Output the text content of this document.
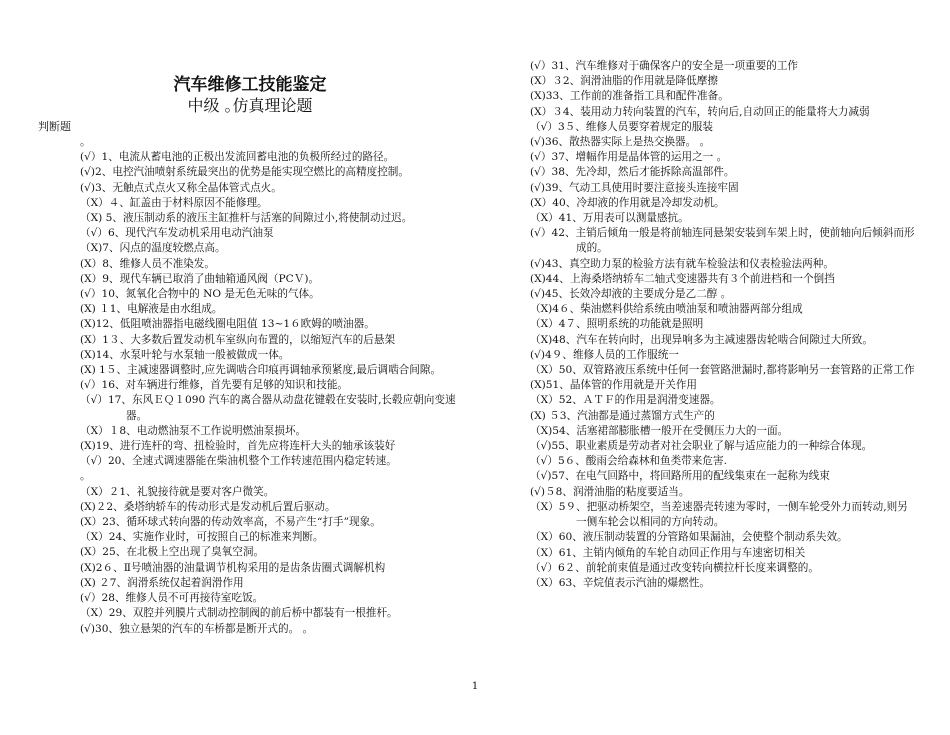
汽车维修工技能鉴定
中级 ｡仿真理论题
判断题

。

(√）1、电流从蓄电池的正极出发流回蓄电池的负极所经过的路径。

(√)2、电控汽油喷射系统最突出的优势是能实现空燃比的高精度控制。

(√)3、无触点式点火又称全晶体管式点火。

（X）４、缸盖由于材料原因不能修理。

（X) 5、液压制动系的液压主缸推杆与活塞的间隙过小,将使制动过迟。

（√）6、现代汽车发动机采用电动汽油泵

（X)7、闪点的温度较燃点高。

(X）8、维修人员不准染发。

(X）9、现代车辆已取消了曲轴箱通风阀（PCＶ)。

(√）10、氮氧化合物中的 NO 是无色无味的气体。

(X) １1、电解液是由水组成。

(X)12、低阻喷油器指电磁线圈电阻值 13~1６欧姆的喷油器。

(X）1３、大多数后置发动机车室纵向布置的，以缩短汽车的后悬架

(X)14、水泵叶轮与水泵轴一般被做成一体。

(X) 1５、主减速器调整时,应先调啮合印痕再调轴承预紧度,最后调啮合间隙。

(√）16、对车辆进行维修，首先要有足够的知识和技能。

（√）17、东风ＥＱ１090 汽车的离合器从动盘花键毂在安装时,长毂应朝向变速器。

（X）１8、电动燃油泵不工作说明燃油泵损坏。

(X)19、进行连杆的弯、扭检验时，首先应将连杆大头的轴承该装好

（√）20、全速式调速器能在柴油机整个工作转速范围内稳定转速。

。

（X）２1、礼貌接待就是要对客户微笑。

(X)２2、桑塔纳轿车的传动形式是发动机后置后驱动。

(X）23、循环球式转向器的传动效率高，不易产生“打手”现象。

（X）24、实施作业时，可按照自己的标准来判断。

(X）25、在北极上空出现了臭氧空洞。

(X)2６、Ⅱ号喷油器的油量调节机构采用的是齿条齿圈式调解机构

(X) ２7、润滑系统仅起着润滑作用

(√）28、维修人员不可再接待室吃饭。

（X）29、双腔并列膜片式制动控制阀的前后桥中都装有一根推杆。

(√)30、独立悬架的汽车的车桥都是断开式的。 。

(√）31、汽车维修对于确保客户的安全是一项重要的工作

(X）３2、润滑油脂的作用就是降低摩擦

(X)33、工作前的准备指工具和配件准备。

(X）３4、装用动力转向装置的汽车，转向后,自动回正的能量将大力减弱

（√）3５、维修人员要穿着规定的服装

(√)36、散热器实际上是热交换器。 。

(√）37、增幅作用是晶体管的运用之一 。

(√）38、先冷却，然后才能拆除高温部件。

(√)39、气动工具使用时要注意接头连接牢固

(X）40、冷却液的作用就是冷却发动机。

（X）41、万用表可以测量感抗。

(√）42、主销后倾角一般是将前轴连同悬架安装到车架上时，使前轴向后倾斜而形成的。

(√)43、真空助力泵的检验方法有就车检验法和仪表检验法两种。

(X)44、上海桑塔纳轿车二轴式变速器共有３个前进档和一个倒挡

(√)45、长效冷却液的主要成分是乙二醇 。

（X)4６、柴油燃料供给系统由喷油泵和喷油器两部分组成

（X）4７、照明系统的功能就是照明

（X)48、汽车在转向时，出现异响多为主减速器齿轮啮合间隙过大所致。

(√)4９、维修人员的工作服统一

（X）50、双管路液压系统中任何一套管路泄漏时,都将影响另一套管路的正常工作

(X)51、晶体管的作用就是开关作用

（X）52、ＡＴＦ的作用是润滑变速器。

(X) ５3、汽油都是通过蒸馏方式生产的

（X)54、活塞裙部膨胀槽一般开在受侧压力大的一面。

（√)55、职业素质是劳动者对社会职业了解与适应能力的一种综合体现。

（√）5６、酸雨会给森林和鱼类带来危害.

（√)57、在电气回路中，将回路所用的配线集束在一起称为线束

(√)５8、润滑油脂的粘度要适当。

（X）5９、把驱动桥架空，当差速器壳转速为零时，一侧车轮受外力而转动,则另一侧车轮会以相同的方向转动。

（X）60、液压制动装置的分管路如果漏油，会使整个制动系失效。

（X）61、主销内倾角的车轮自动回正作用与车速密切相关

（√）6２、前轮前束值是通过改变转向横拉杆长度来调整的。

（X）63、辛烷值表示汽油的爆燃性。

1
